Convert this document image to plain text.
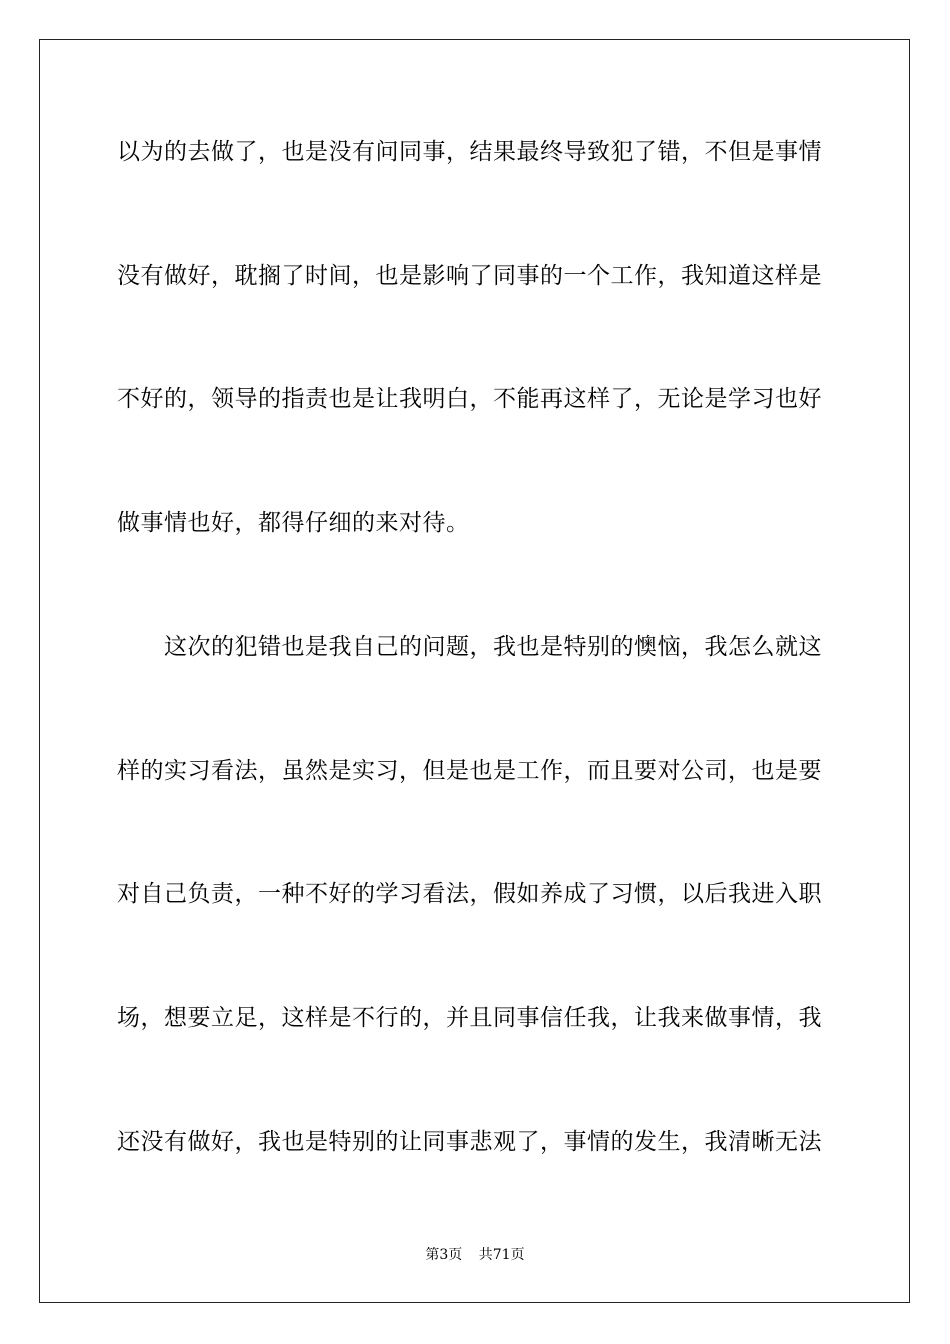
以为的去做了，也是没有问同事，结果最终导致犯了错，不但是事情
没有做好，耽搁了时间，也是影响了同事的一个工作，我知道这样是
不好的，领导的指责也是让我明白，不能再这样了，无论是学习也好
做事情也好，都得仔细的来对待。
这次的犯错也是我自己的问题，我也是特别的懊恼，我怎么就这
样的实习看法，虽然是实习，但是也是工作，而且要对公司，也是要
对自己负责，一种不好的学习看法，假如养成了习惯，以后我进入职
场，想要立足，这样是不行的，并且同事信任我，让我来做事情，我
还没有做好，我也是特别的让同事悲观了，事情的发生，我清晰无法
第3页 共71页
